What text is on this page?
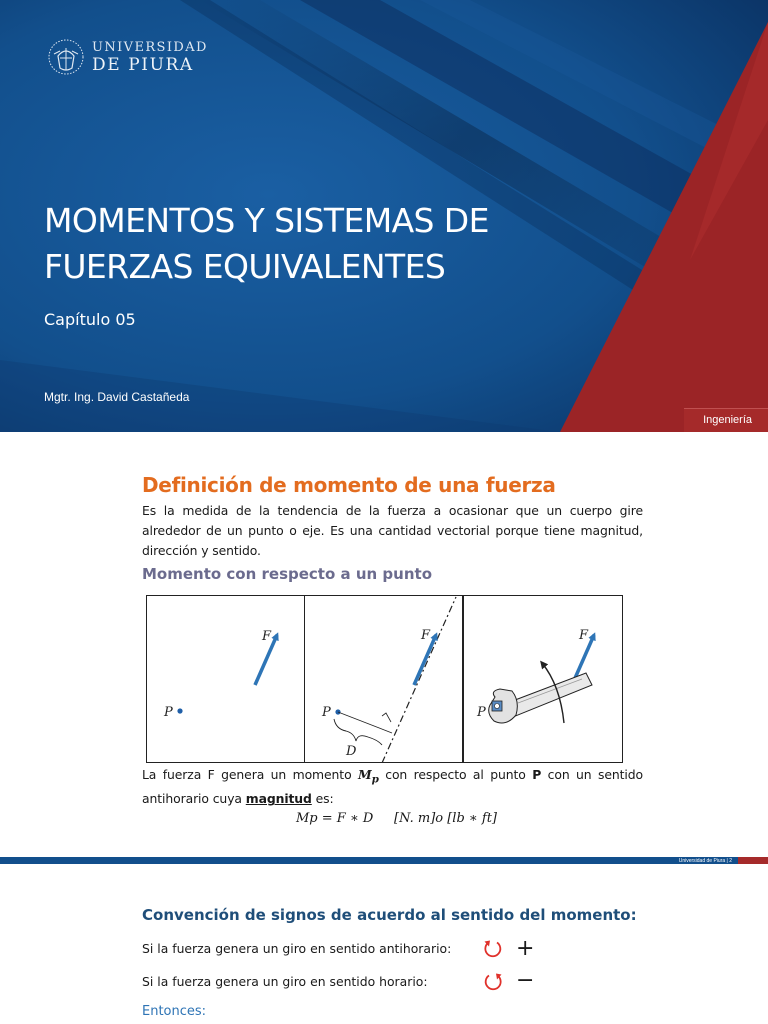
UNIVERSIDAD
DE PIURA
MOMENTOS Y SISTEMAS DE FUERZAS EQUIVALENTES
Capítulo 05
Mgtr. Ing. David Castañeda
Ingeniería
Definición de momento de una fuerza

Es la medida de la tendencia de la fuerza a ocasionar que un cuerpo gire alrededor de un punto o eje. Es una cantidad vectorial porque tiene magnitud, dirección y sentido.

Momento con respecto a un punto
F
P
F
P
D
F
P

La fuerza F genera un momento $M_p$ con respecto al punto P con un sentido antihorario cuya magnitud es:

Mp = F ∗ D     [N. m]o [lb ∗ ft]
Universidad de Piura | 2
Convención de signos de acuerdo al sentido del momento:
Si la fuerza genera un giro en sentido antihorario:	+
Si la fuerza genera un giro en sentido horario:	−
Entonces:
